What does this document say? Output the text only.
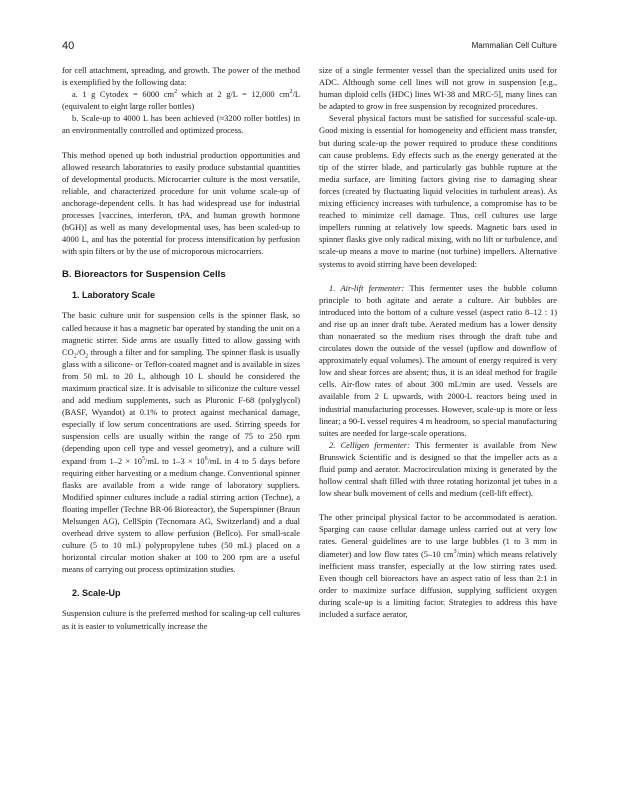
40	Mammalian Cell Culture

for cell attachment, spreading, and growth. The power of the method is exemplified by the following data:

a. 1 g Cytodex = 6000 $cm^2$ which at 2 g/L = 12,000 $cm^2/L$ (equivalent to eight large roller bottles)

b. Scale-up to 4000 L has been achieved (≈3200 roller bottles) in an environmentally controlled and optimized process.

This method opened up both industrial production opportunities and allowed research laboratories to easily produce substantial quantities of developmental products. Microcarrier culture is the most versatile, reliable, and characterized procedure for unit volume scale-up of anchorage-dependent cells. It has had widespread use for industrial processes [vaccines, interferon, tPA, and human growth hormone (hGH)] as well as many developmental uses, has been scaled-up to 4000 L, and has the potential for process intensification by perfusion with spin filters or by the use of microporous microcarriers.

B. Bioreactors for Suspension Cells
1. Laboratory Scale

The basic culture unit for suspension cells is the spinner flask, so called because it has a magnetic bar operated by standing the unit on a magnetic stirrer. Side arms are usually fitted to allow gassing with $CO_2/O_2$ through a filter and for sampling. The spinner flask is usually glass with a silicone- or Teflon-coated magnet and is available in sizes from 50 mL to 20 L, although 10 L should be considered the maximum practical size. It is advisable to siliconize the culture vessel and add medium supplements, such as Pluronic F-68 (polyglycol) (BASF, Wyandot) at 0.1% to protect against mechanical damage, especially if low serum concentrations are used. Stirring speeds for suspension cells are usually within the range of 75 to 250 rpm (depending upon cell type and vessel geometry), and a culture will expand from $1-2 \times 10^5/mL$ to $1-3 \times 10^6/mL$ in 4 to 5 days before requiring either harvesting or a medium change. Conventional spinner flasks are available from a wide range of laboratory suppliers. Modified spinner cultures include a radial stirring action (Techne), a floating impeller (Techne BR-06 Bioreactor), the Superspinner (Braun Melsungen AG), CellSpin (Tecnomara AG, Switzerland) and a dual overhead drive system to allow perfusion (Bellco). For small-scale culture (5 to 10 mL) polypropylene tubes (50 mL) placed on a horizontal circular motion shaker at 100 to 200 rpm are a useful means of carrying out process optimization studies.

2. Scale-Up

Suspension culture is the preferred method for scaling-up cell cultures as it is easier to volumetrically increase the

size of a single fermenter vessel than the specialized units used for ADC. Although some cell lines will not grow in suspension [e.g., human diploid cells (HDC) lines WI-38 and MRC-5], many lines can be adapted to grow in free suspension by recognized procedures.

Several physical factors must be satisfied for successful scale-up. Good mixing is essential for homogeneity and efficient mass transfer, but during scale-up the power required to produce these conditions can cause problems. Edy effects such as the energy generated at the tip of the stirrer blade, and particularly gas bubble rupture at the media surface, are limiting factors giving rise to damaging shear forces (created by fluctuating liquid velocities in turbulent areas). As mixing efficiency increases with turbulence, a compromise has to be reached to minimize cell damage. Thus, cell cultures use large impellers running at relatively low speeds. Magnetic bars used in spinner flasks give only radical mixing, with no lift or turbulence, and scale-up means a move to marine (not turbine) impellers. Alternative systems to avoid stirring have been developed:

1. Air-lift fermenter: This fermenter uses the bubble column principle to both agitate and aerate a culture. Air bubbles are introduced into the bottom of a culture vessel (aspect ratio 8–12 : 1) and rise up an inner draft tube. Aerated medium has a lower density than nonaerated so the medium rises through the draft tube and circulates down the outside of the vessel (upflow and downflow of approximately equal volumes). The amount of energy required is very low and shear forces are absent; thus, it is an ideal method for fragile cells. Air-flow rates of about 300 mL/min are used. Vessels are available from 2 L upwards, with 2000-L reactors being used in industrial manufacturing processes. However, scale-up is more or less linear; a 90-L vessel requires 4 m headroom, so special manufacturing suites are needed for large-scale operations.

2. Celligen fermenter: This fermenter is available from New Brunswick Scientific and is designed so that the impeller acts as a fluid pump and aerator. Macrocirculation mixing is generated by the hollow central shaft filled with three rotating horizontal jet tubes in a low shear bulk movement of cells and medium (cell-lift effect).

The other principal physical factor to be accommodated is aeration. Sparging can cause cellular damage unless carried out at very low rates. General guidelines are to use large bubbles (1 to 3 mm in diameter) and low flow rates (5–10 $cm^3/\min$) which means relatively inefficient mass transfer, especially at the low stirring rates used. Even though cell bioreactors have an aspect ratio of less than 2:1 in order to maximize surface diffusion, supplying sufficient oxygen during scale-up is a limiting factor. Strategies to address this have included a surface aerator,
